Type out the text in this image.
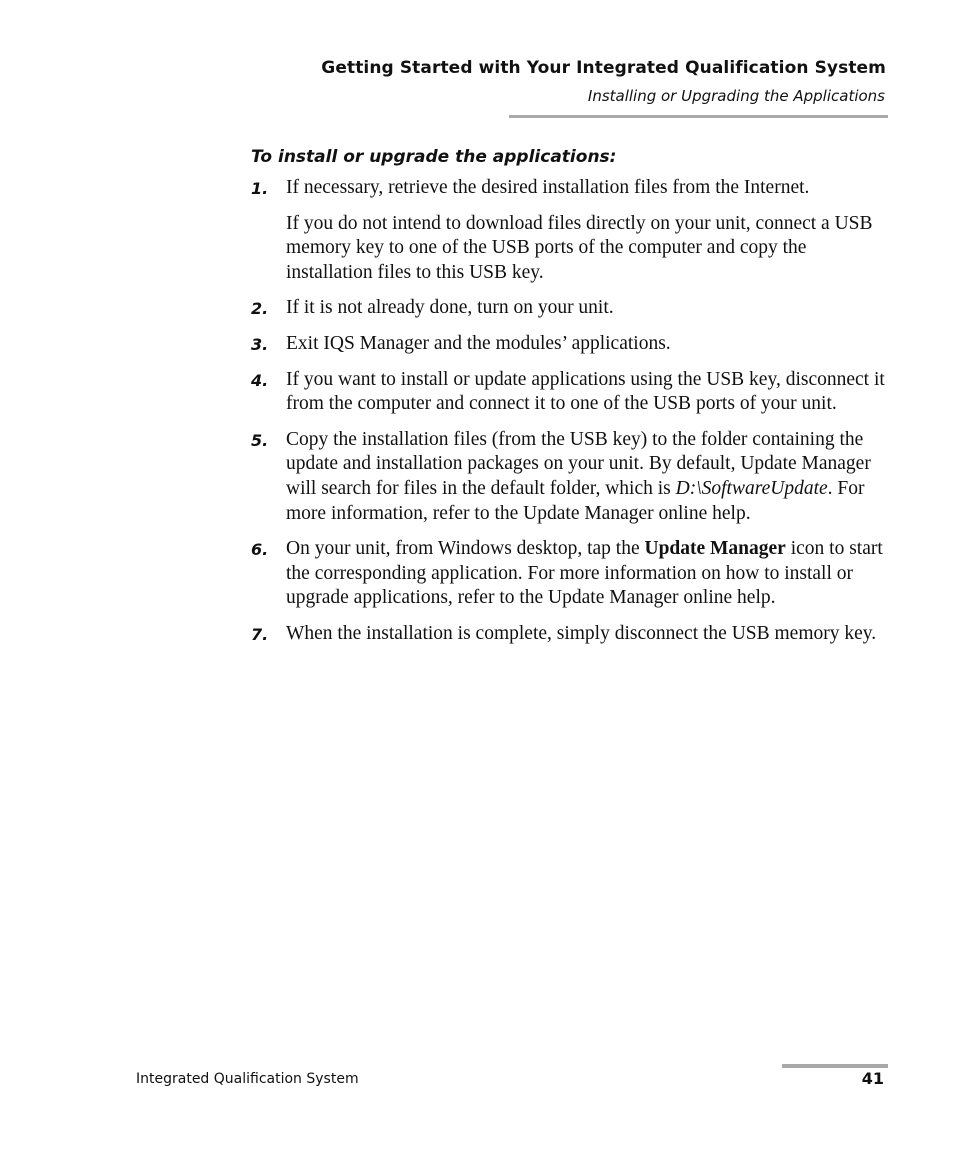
Getting Started with Your Integrated Qualification System
Installing or Upgrading the Applications
To install or upgrade the applications:
1. If necessary, retrieve the desired installation files from the Internet.

If you do not intend to download files directly on your unit, connect a USB memory key to one of the USB ports of the computer and copy the installation files to this USB key.

2. If it is not already done, turn on your unit.

3. Exit IQS Manager and the modules’ applications.

4. If you want to install or update applications using the USB key, disconnect it from the computer and connect it to one of the USB ports of your unit.

5. Copy the installation files (from the USB key) to the folder containing the update and installation packages on your unit. By default, Update Manager will search for files in the default folder, which is D:\SoftwareUpdate. For more information, refer to the Update Manager online help.

6. On your unit, from Windows desktop, tap the Update Manager icon to start the corresponding application. For more information on how to install or upgrade applications, refer to the Update Manager online help.

7. When the installation is complete, simply disconnect the USB memory key.

Integrated Qualification System	41
